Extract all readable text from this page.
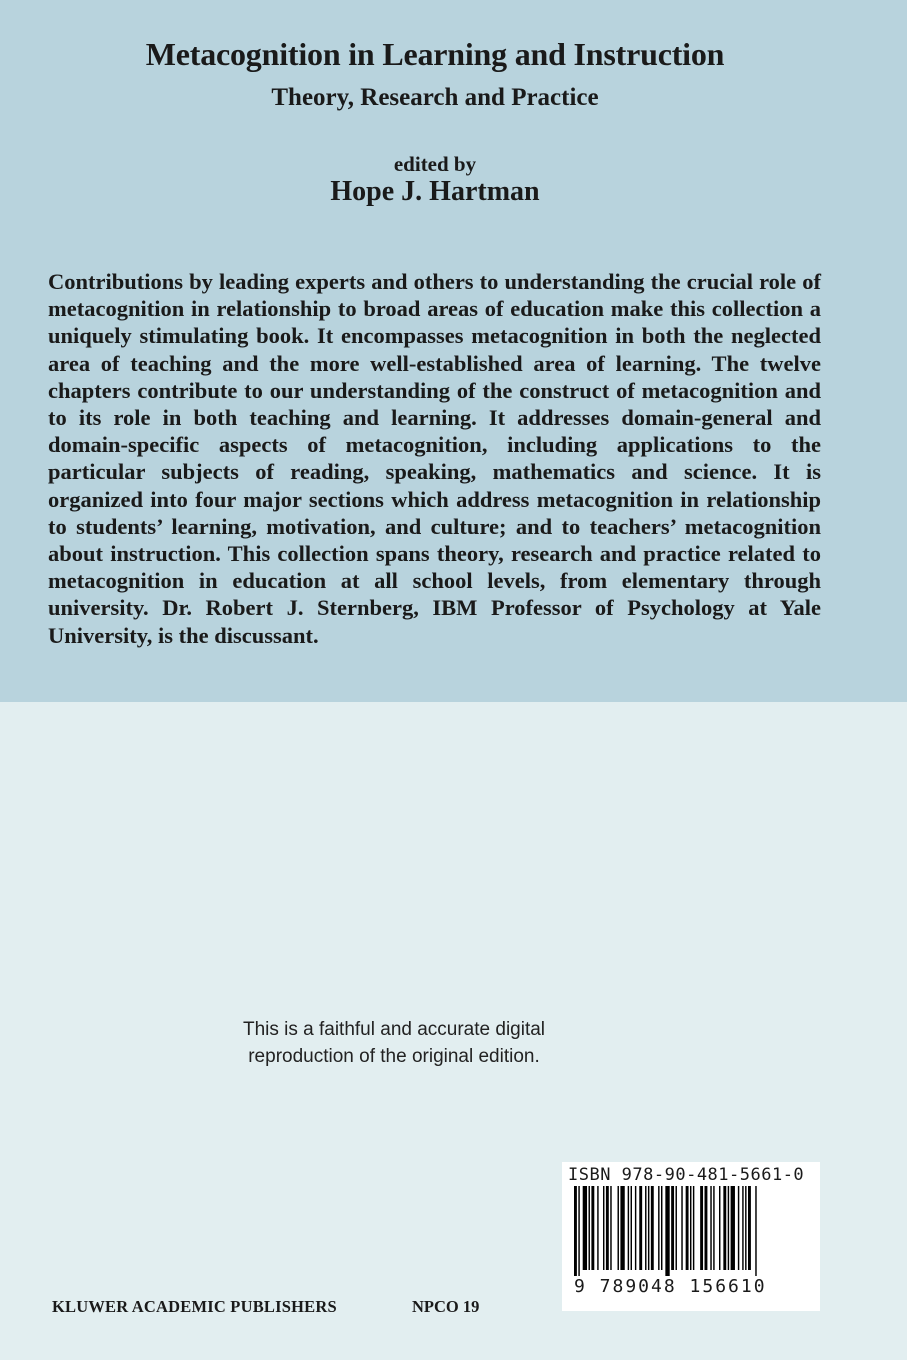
Metacognition in Learning and Instruction
Theory, Research and Practice
edited by
Hope J. Hartman

Contributions by leading experts and others to understanding the crucial role of metacognition in relationship to broad areas of education make this collection a uniquely stimulating book. It encompasses metacognition in both the neglected area of teaching and the more well-established area of learning. The twelve chapters contribute to our understanding of the construct of metacognition and to its role in both teaching and learning. It addresses domain-general and domain-specific aspects of metacognition, including applications to the particular subjects of reading, speaking, mathematics and science. It is organized into four major sections which address metacognition in relationship to students’ learning, motivation, and culture; and to teachers’ metacognition about instruction. This collection spans theory, research and practice related to metacognition in education at all school levels, from elementary through university. Dr. Robert J. Sternberg, IBM Professor of Psychology at Yale University, is the discussant.

This is a faithful and accurate digital
reproduction of the original edition.
KLUWER ACADEMIC PUBLISHERS	NPCO 19
ISBN 978-90-481-5661-0
9 789048 156610
